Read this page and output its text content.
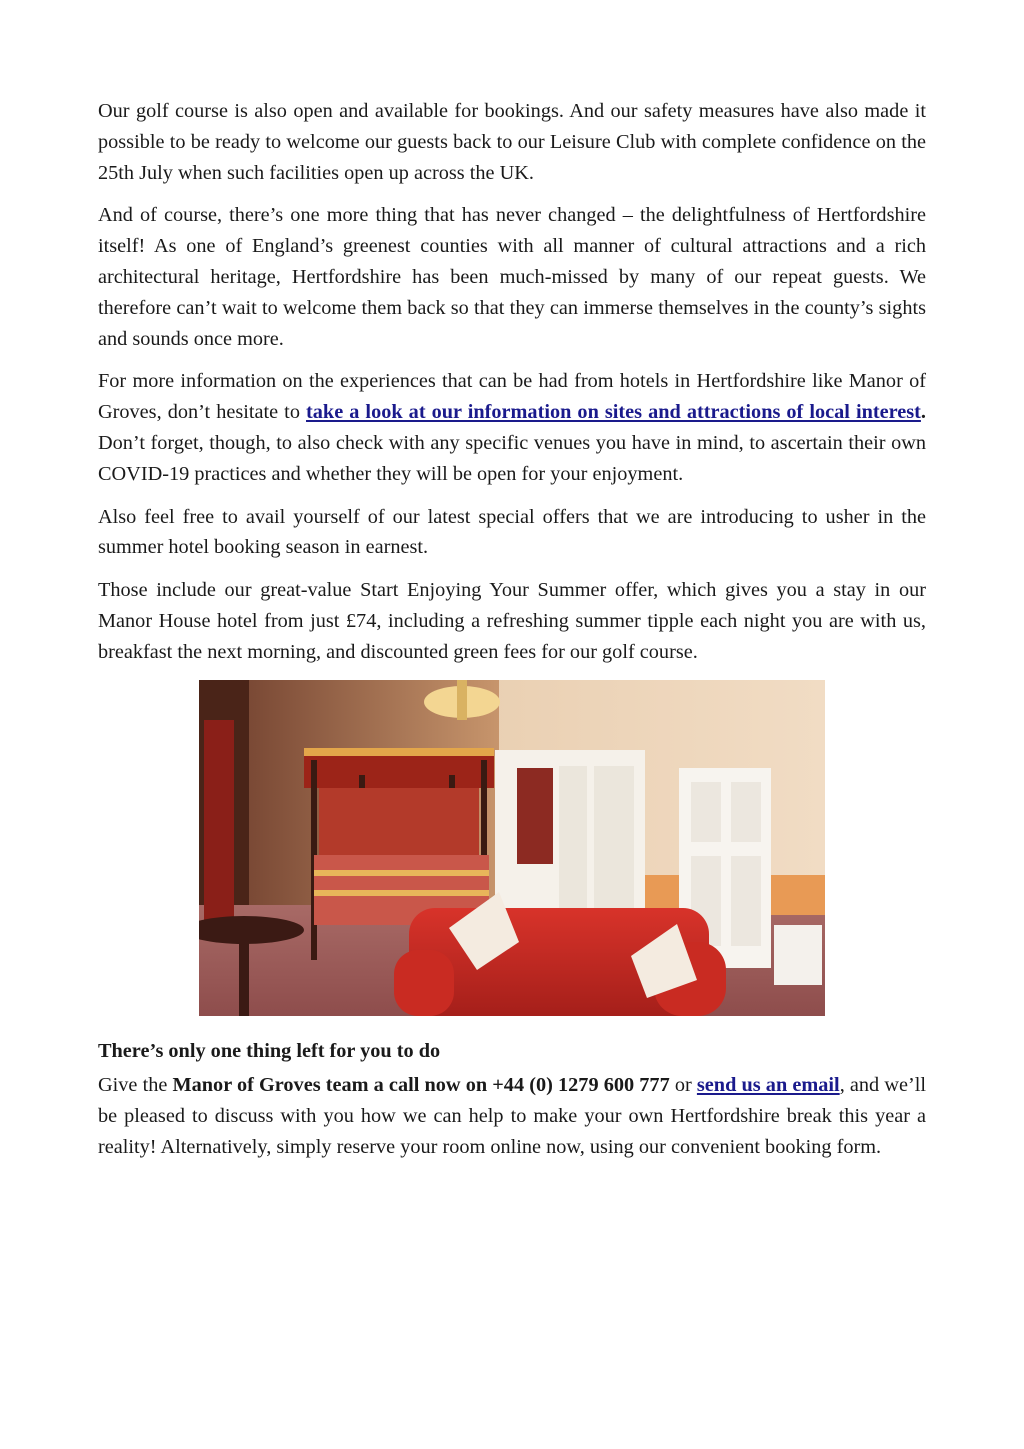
Our golf course is also open and available for bookings. And our safety measures have also made it possible to be ready to welcome our guests back to our Leisure Club with complete confidence on the 25th July when such facilities open up across the UK.

And of course, there’s one more thing that has never changed – the delightfulness of Hertfordshire itself! As one of England’s greenest counties with all manner of cultural attractions and a rich architectural heritage, Hertfordshire has been much-missed by many of our repeat guests. We therefore can’t wait to welcome them back so that they can immerse themselves in the county’s sights and sounds once more.

For more information on the experiences that can be had from hotels in Hertfordshire like Manor of Groves, don’t hesitate to take a look at our information on sites and attractions of local interest. Don’t forget, though, to also check with any specific venues you have in mind, to ascertain their own COVID-19 practices and whether they will be open for your enjoyment.

Also feel free to avail yourself of our latest special offers that we are introducing to usher in the summer hotel booking season in earnest.

Those include our great-value Start Enjoying Your Summer offer, which gives you a stay in our Manor House hotel from just £74, including a refreshing summer tipple each night you are with us, breakfast the next morning, and discounted green fees for our golf course.

There’s only one thing left for you to do

Give the Manor of Groves team a call now on +44 (0) 1279 600 777 or send us an email, and we’ll be pleased to discuss with you how we can help to make your own Hertfordshire break this year a reality! Alternatively, simply reserve your room online now, using our convenient booking form.
